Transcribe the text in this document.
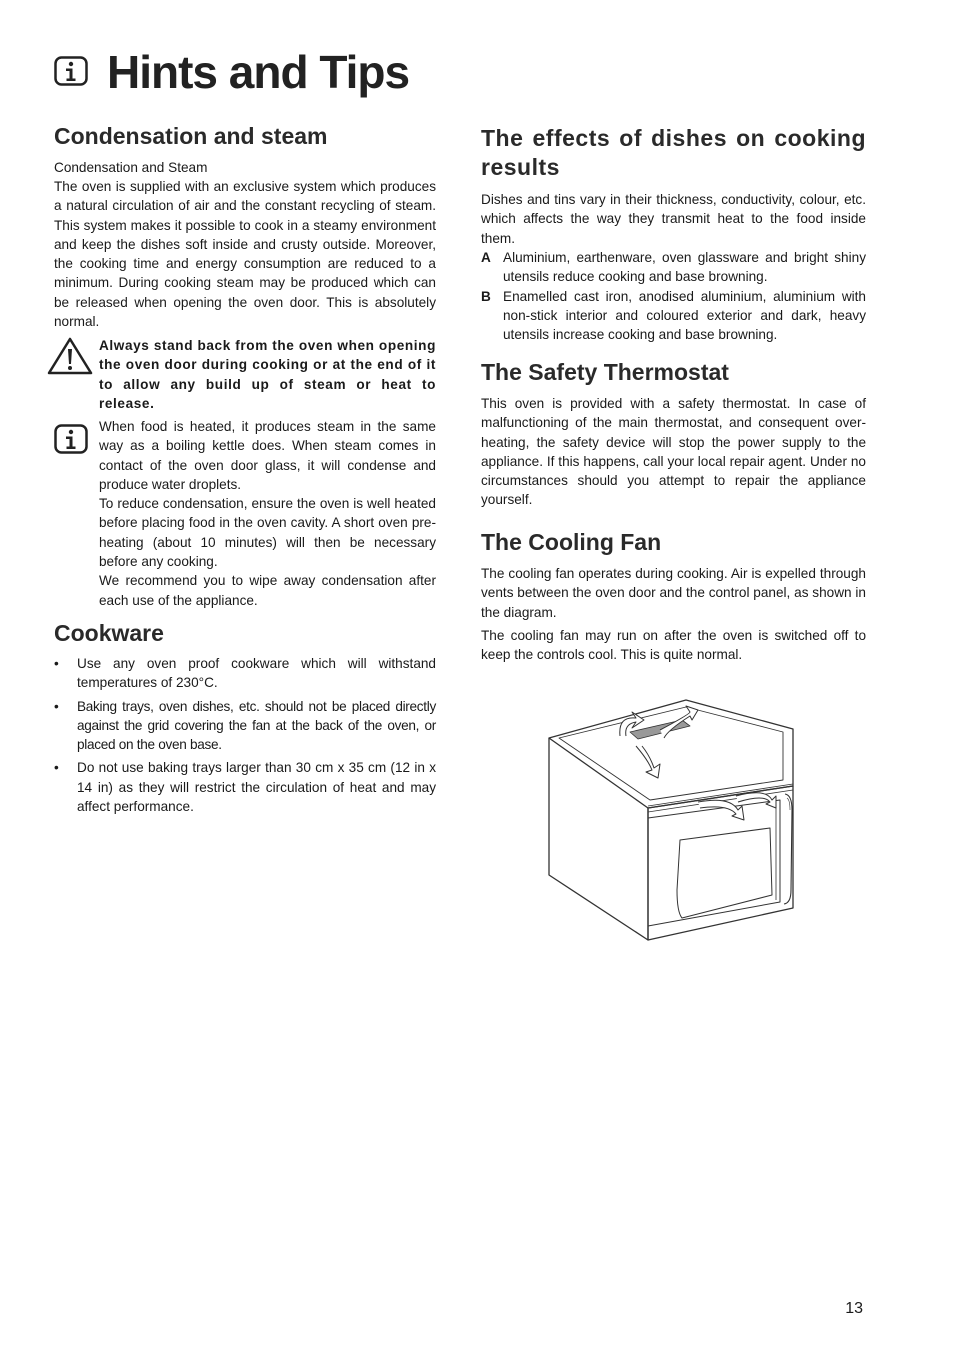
Hints and Tips
Condensation and steam
Condensation and Steam

The oven is supplied with an exclusive system which produces a natural circulation of air and the constant recycling of steam. This system makes it possible to cook in a steamy environment and keep the dishes soft inside and crusty outside. Moreover, the cooking time and energy consumption are reduced to a minimum. During cooking steam may be produced which can be released when opening the oven door. This is absolutely normal.

Always stand back from the oven when opening the oven door during cooking or at the end of it to allow any build up of steam or heat to release.

When food is heated, it produces steam in the same way as a boiling kettle does. When steam comes in contact of the oven door glass, it will condense and produce water droplets.

To reduce condensation, ensure the oven is well heated before placing food in the oven cavity. A short oven pre-heating (about 10 minutes) will then be necessary before any cooking.

We recommend you to wipe away condensation after each use of the appliance.

Cookware
• Use any oven proof cookware which will withstand temperatures of 230°C.
• Baking trays, oven dishes, etc. should not be placed directly against the grid covering the fan at the back of the oven, or placed on the oven base.
• Do not use baking trays larger than 30 cm x 35 cm (12 in x 14 in) as they will restrict the circulation of heat and may affect performance.
The effects of dishes on cooking results

Dishes and tins vary in their thickness, conductivity, colour, etc. which affects the way they transmit heat to the food inside them.

A Aluminium, earthenware, oven glassware and bright shiny utensils reduce cooking and base browning.
B Enamelled cast iron, anodised aluminium, aluminium with non-stick interior and coloured exterior and dark, heavy utensils increase cooking and base browning.
The Safety Thermostat

This oven is provided with a safety thermostat. In case of malfunctioning of the main thermostat, and consequent over-heating, the safety device will stop the power supply to the appliance. If this happens, call your local repair agent. Under no circumstances should you attempt to repair the appliance yourself.

The Cooling Fan

The cooling fan operates during cooking. Air is expelled through vents between the oven door and the control panel, as shown in the diagram.

The cooling fan may run on after the oven is switched off to keep the controls cool. This is quite normal.

13
